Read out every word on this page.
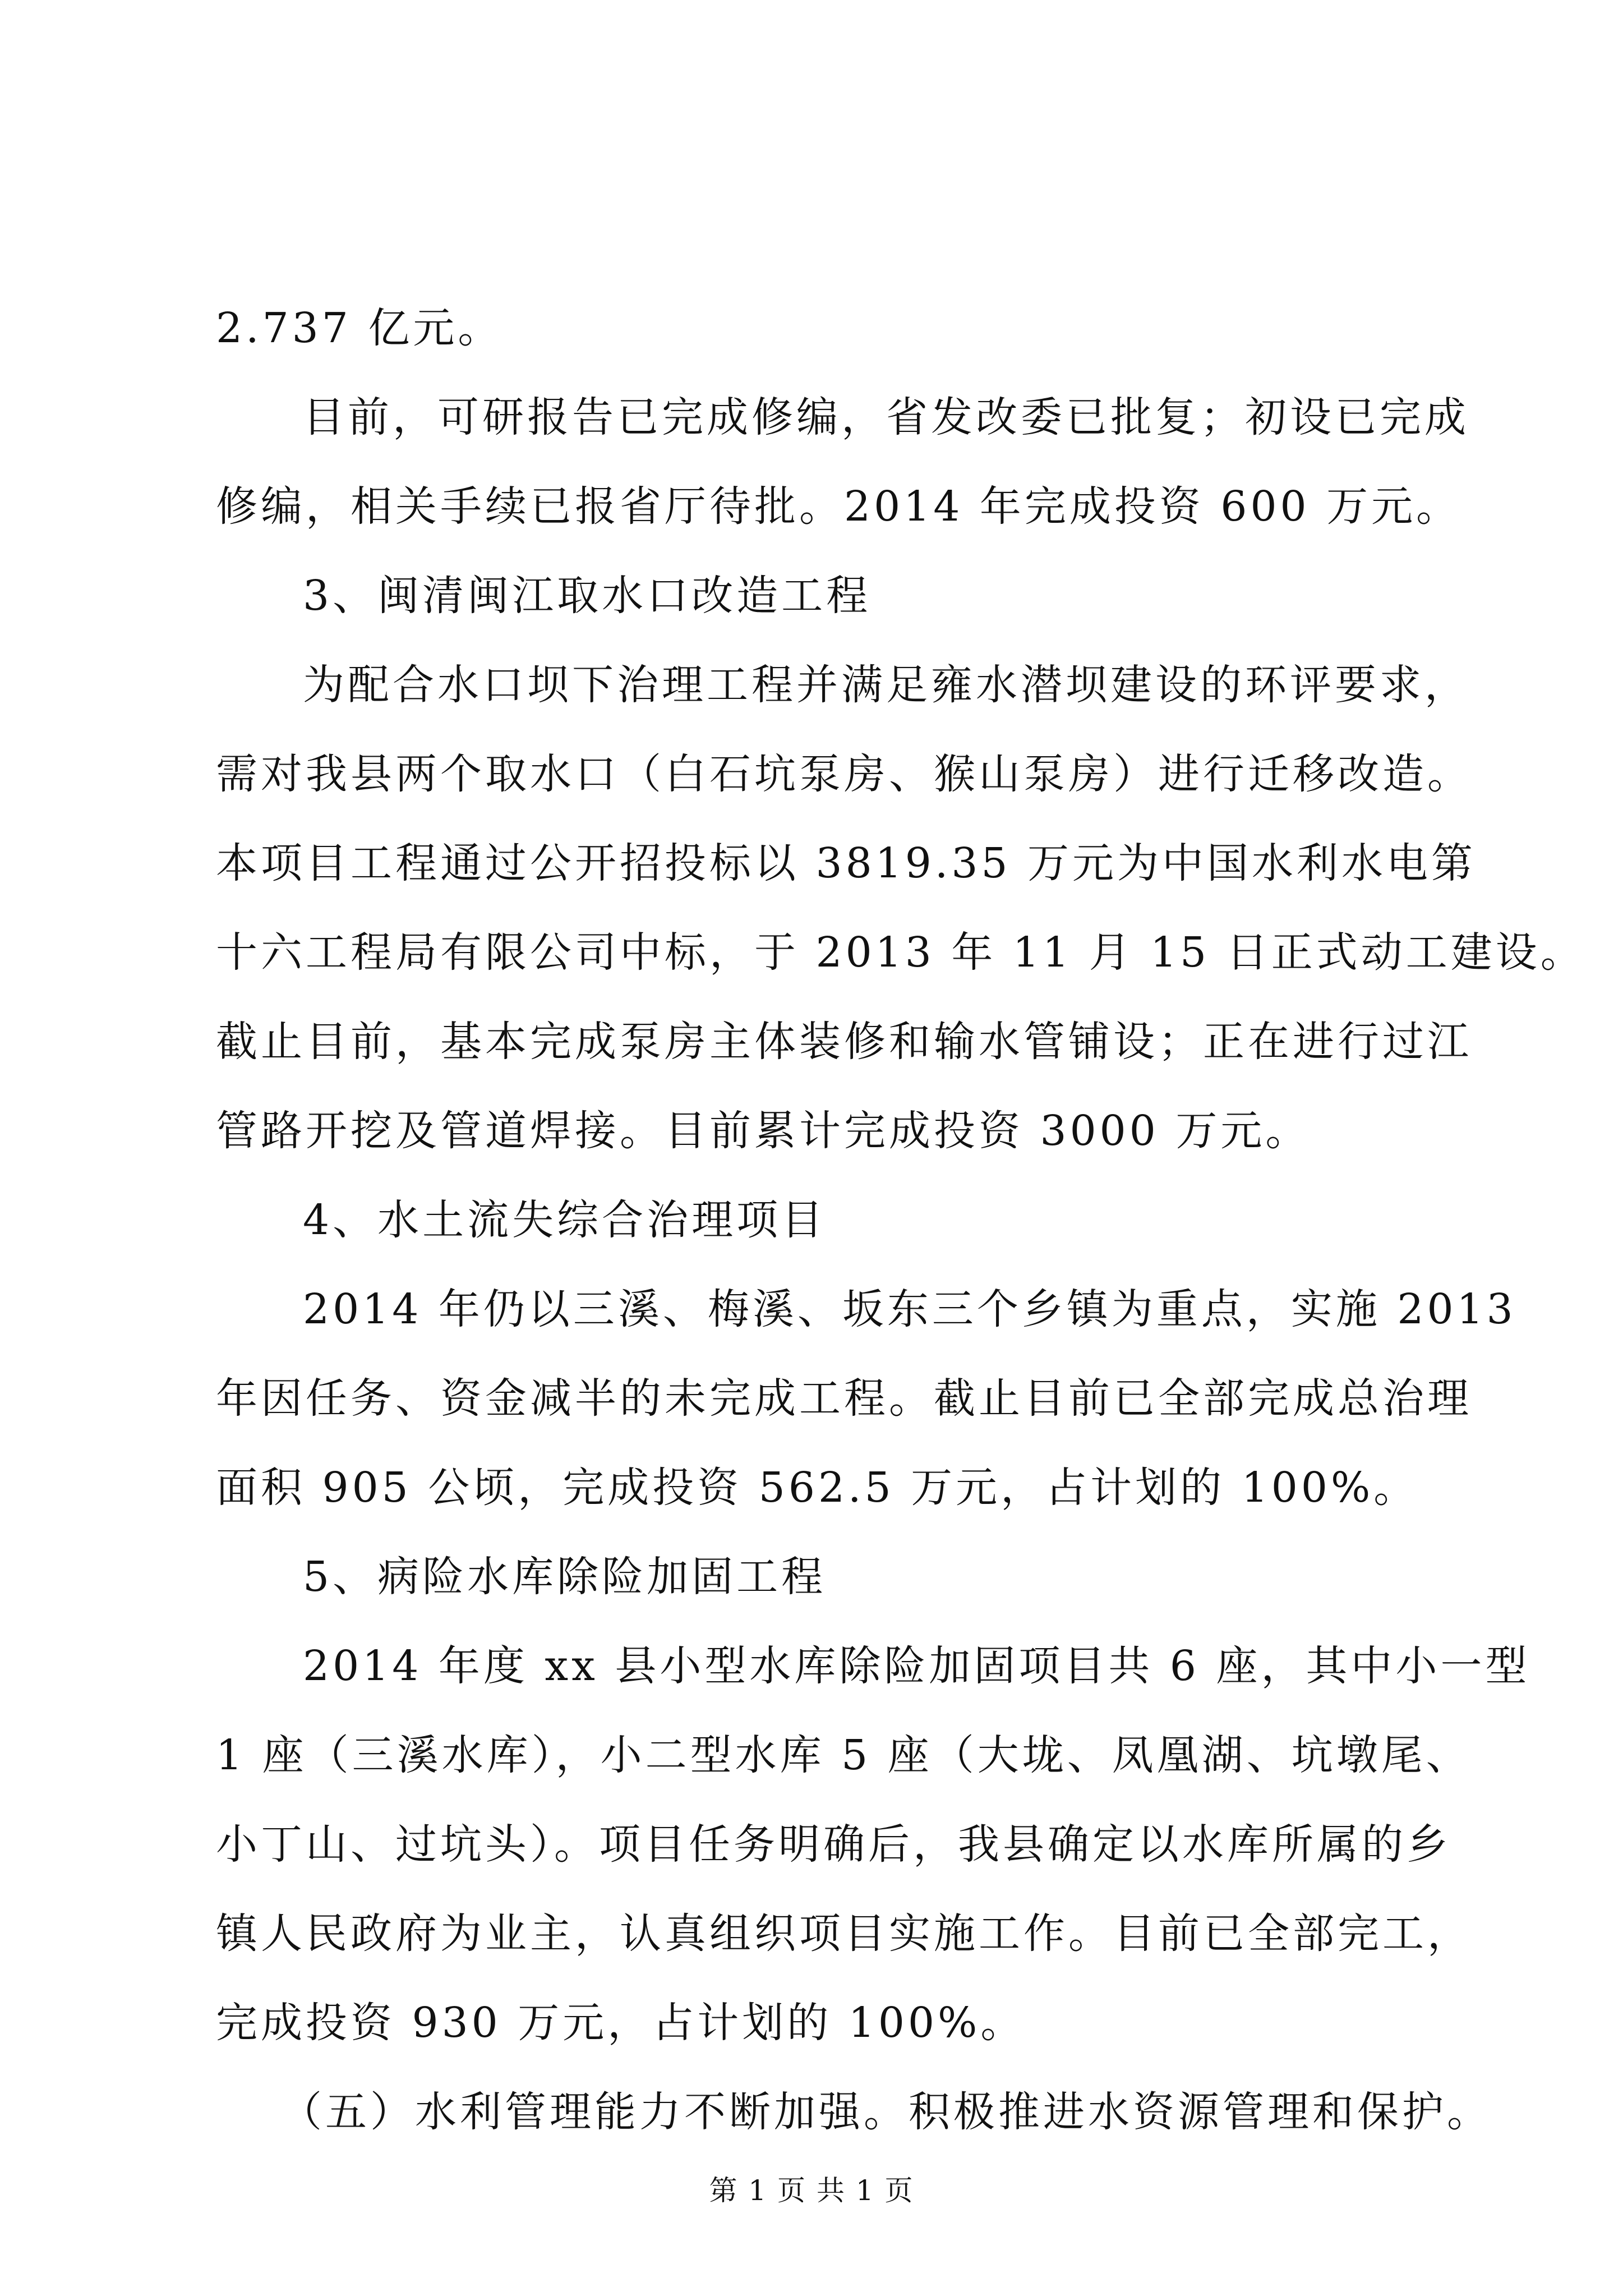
2.737 亿元。
目前，可研报告已完成修编，省发改委已批复；初设已完成
修编，相关手续已报省厅待批。2014 年完成投资 600 万元。
3、闽清闽江取水口改造工程
为配合水口坝下治理工程并满足雍水潜坝建设的环评要求，
需对我县两个取水口（白石坑泵房、猴山泵房）进行迁移改造。
本项目工程通过公开招投标以 3819.35 万元为中国水利水电第
十六工程局有限公司中标，于 2013 年 11 月 15 日正式动工建设。
截止目前，基本完成泵房主体装修和输水管铺设；正在进行过江
管路开挖及管道焊接。目前累计完成投资 3000 万元。
4、水土流失综合治理项目
2014 年仍以三溪、梅溪、坂东三个乡镇为重点，实施 2013
年因任务、资金减半的未完成工程。截止目前已全部完成总治理
面积 905 公顷，完成投资 562.5 万元，占计划的 100%。
5、病险水库除险加固工程
2014 年度 xx 县小型水库除险加固项目共 6 座，其中小一型
1 座（三溪水库），小二型水库 5 座（大垅、凤凰湖、坑墩尾、
小丁山、过坑头）。项目任务明确后，我县确定以水库所属的乡
镇人民政府为业主，认真组织项目实施工作。目前已全部完工，
完成投资 930 万元，占计划的 100%。
（五）水利管理能力不断加强。积极推进水资源管理和保护。
第 1 页 共 1 页
